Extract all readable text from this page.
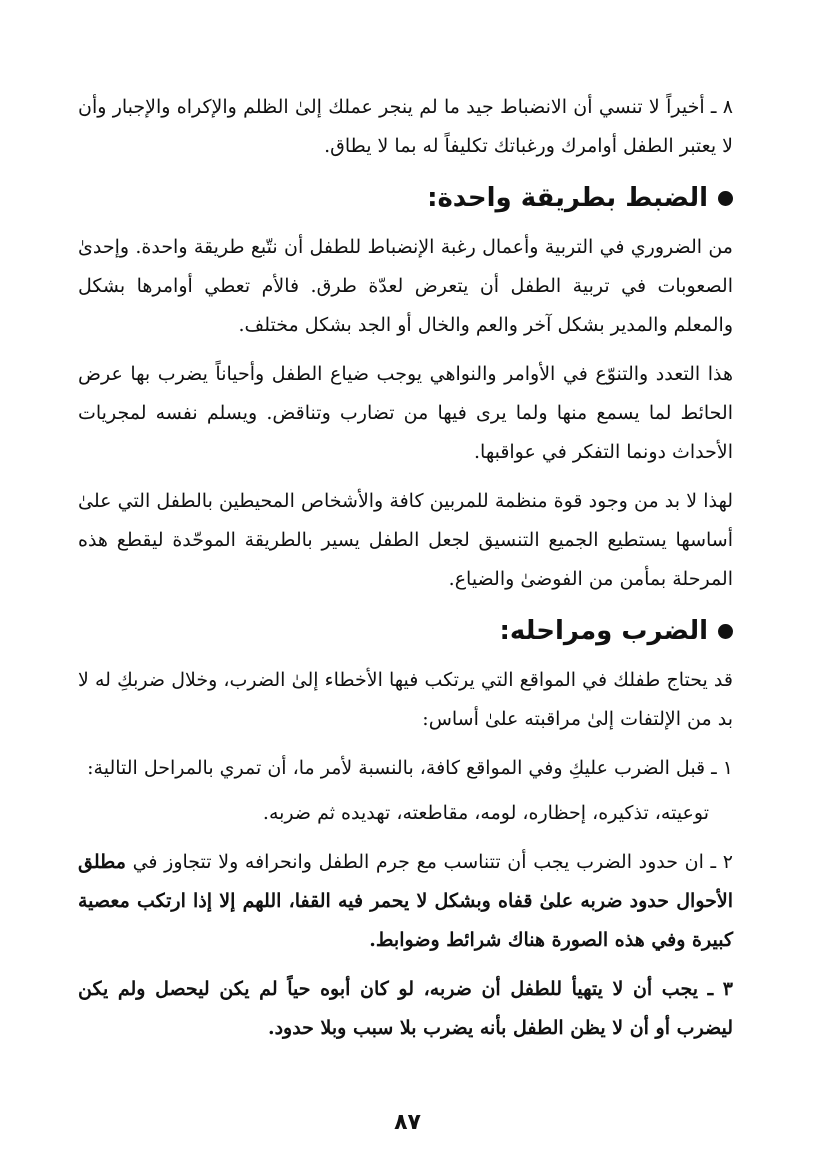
٨ ـ أخيراً لا تنسي أن الانضباط جيد ما لم ينجر عملك إلىٰ الظلم والإكراه والإجبار وأن لا يعتبر الطفل أوامرك ورغباتك تكليفاً له بما لا يطاق.

الضبط بطريقة واحدة:

من الضروري في التربية وأعمال رغبة الإنضباط للطفل أن نتّبع طريقة واحدة. وإحدىٰ الصعوبات في تربية الطفل أن يتعرض لعدّة طرق. فالأم تعطي أوامرها بشكل والمعلم والمدير بشكل آخر والعم والخال أو الجد بشكل مختلف.

هذا التعدد والتنوّع في الأوامر والنواهي يوجب ضياع الطفل وأحياناً يضرب بها عرض الحائط لما يسمع منها ولما يرى فيها من تضارب وتناقض. ويسلم نفسه لمجريات الأحداث دونما التفكر في عواقبها.

لهذا لا بد من وجود قوة منظمة للمربين كافة والأشخاص المحيطين بالطفل التي علىٰ أساسها يستطيع الجميع التنسيق لجعل الطفل يسير بالطريقة الموحّدة ليقطع هذه المرحلة بمأمن من الفوضىٰ والضياع.

الضرب ومراحله:

قد يحتاج طفلك في المواقع التي يرتكب فيها الأخطاء إلىٰ الضرب، وخلال ضربكِ له لا بد من الإلتفات إلىٰ مراقبته علىٰ أساس:

١ ـ قبل الضرب عليكِ وفي المواقع كافة، بالنسبة لأمر ما، أن تمري بالمراحل التالية:

توعيته، تذكيره، إحظاره، لومه، مقاطعته، تهديده ثم ضربه.

٢ ـ ان حدود الضرب يجب أن تتناسب مع جرم الطفل وانحرافه ولا تتجاوز في مطلق الأحوال حدود ضربه علىٰ قفاه وبشكل لا يحمر فيه القفا، اللهم إلا إذا ارتكب معصية كبيرة وفي هذه الصورة هناك شرائط وضوابط.

٣ ـ يجب أن لا يتهيأ للطفل أن ضربه، لو كان أبوه حياً لم يكن ليحصل ولم يكن ليضرب أو أن لا يظن الطفل بأنه يضرب بلا سبب وبلا حدود.

٨٧
